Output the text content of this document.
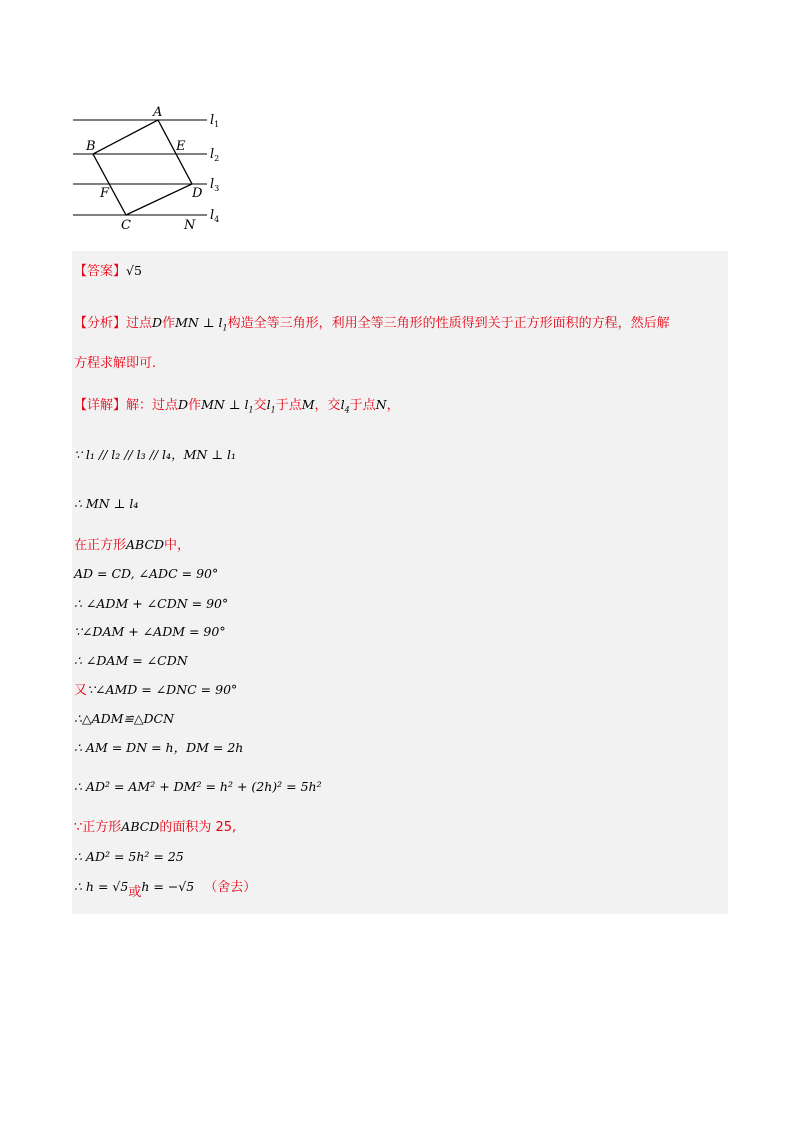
A
B	E
F	D
C	N
$l_1$
$l_2$
$l_3$
$l_4$
【答案】√5
【分析】过点D作MN ⊥ $l_1$构造全等三角形，利用全等三角形的性质得到关于正方形面积的方程，然后解
方程求解即可.
【详解】解：过点D作MN ⊥ $l_1$交$l_1$于点M，交$l_4$于点N，
∵ l₁ // l₂ // l₃ // l₄，MN ⊥ l₁
∴ MN ⊥ l₄
在正方形ABCD中，
AD = CD, ∠ADC = 90°
∴ ∠ADM + ∠CDN = 90°
∵∠DAM + ∠ADM = 90°
∴ ∠DAM = ∠CDN
又∵∠AMD = ∠DNC = 90°
∴△ADM≌△DCN
∴ AM = DN = h，DM = 2h
∴ AD² = AM² + DM² = h² + (2h)² = 5h²
∵正方形ABCD的面积为 25,
∴ AD² = 5h² = 25
∴ h = √5或h = −√5 （舍去）
